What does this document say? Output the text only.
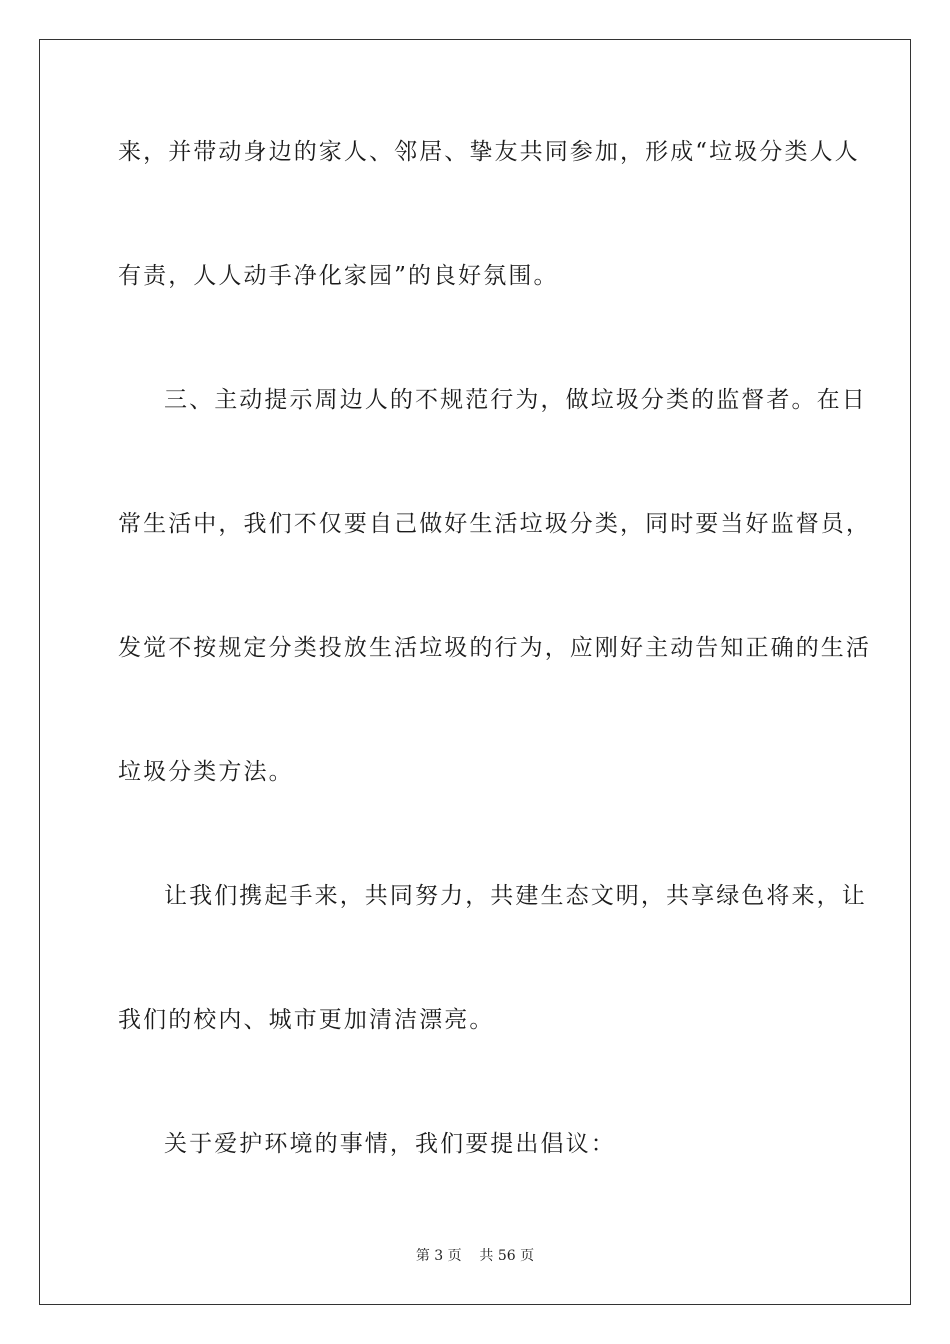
来，并带动身边的家人、邻居、挚友共同参加，形成“垃圾分类人人
有责，人人动手净化家园”的良好氛围。
三、主动提示周边人的不规范行为，做垃圾分类的监督者。在日
常生活中，我们不仅要自己做好生活垃圾分类，同时要当好监督员，
发觉不按规定分类投放生活垃圾的行为，应刚好主动告知正确的生活
垃圾分类方法。
让我们携起手来，共同努力，共建生态文明，共享绿色将来，让
我们的校内、城市更加清洁漂亮。
关于爱护环境的事情，我们要提出倡议：
第 3 页    共 56 页
